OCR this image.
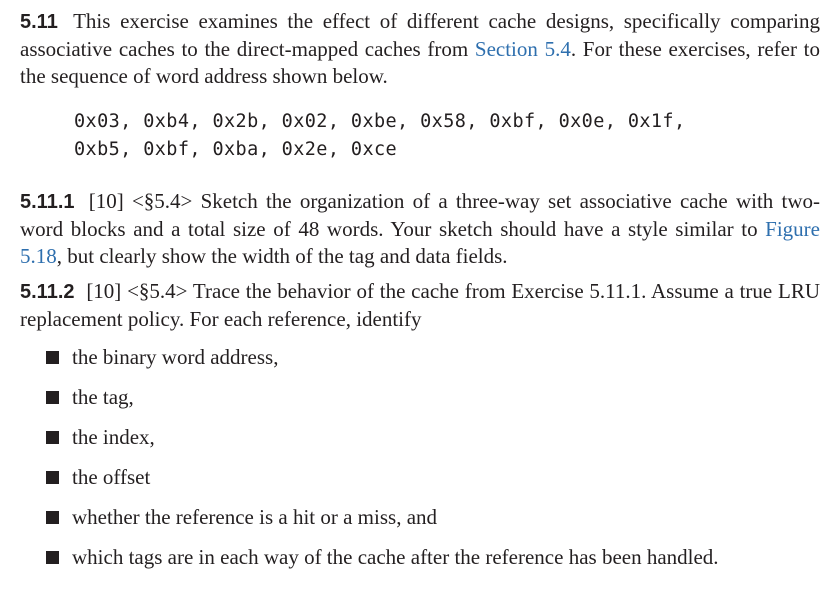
5.11 This exercise examines the effect of different cache designs, specifically comparing associative caches to the direct-mapped caches from Section 5.4. For these exercises, refer to the sequence of word address shown below.

0x03, 0xb4, 0x2b, 0x02, 0xbe, 0x58, 0xbf, 0x0e, 0x1f,
0xb5, 0xbf, 0xba, 0x2e, 0xce

5.11.1 [10] <§5.4> Sketch the organization of a three-way set associative cache with two-word blocks and a total size of 48 words. Your sketch should have a style similar to Figure 5.18, but clearly show the width of the tag and data fields.

5.11.2 [10] <§5.4> Trace the behavior of the cache from Exercise 5.11.1. Assume a true LRU replacement policy. For each reference, identify

the binary word address,
the tag,
the index,
the offset
whether the reference is a hit or a miss, and
which tags are in each way of the cache after the reference has been handled.
